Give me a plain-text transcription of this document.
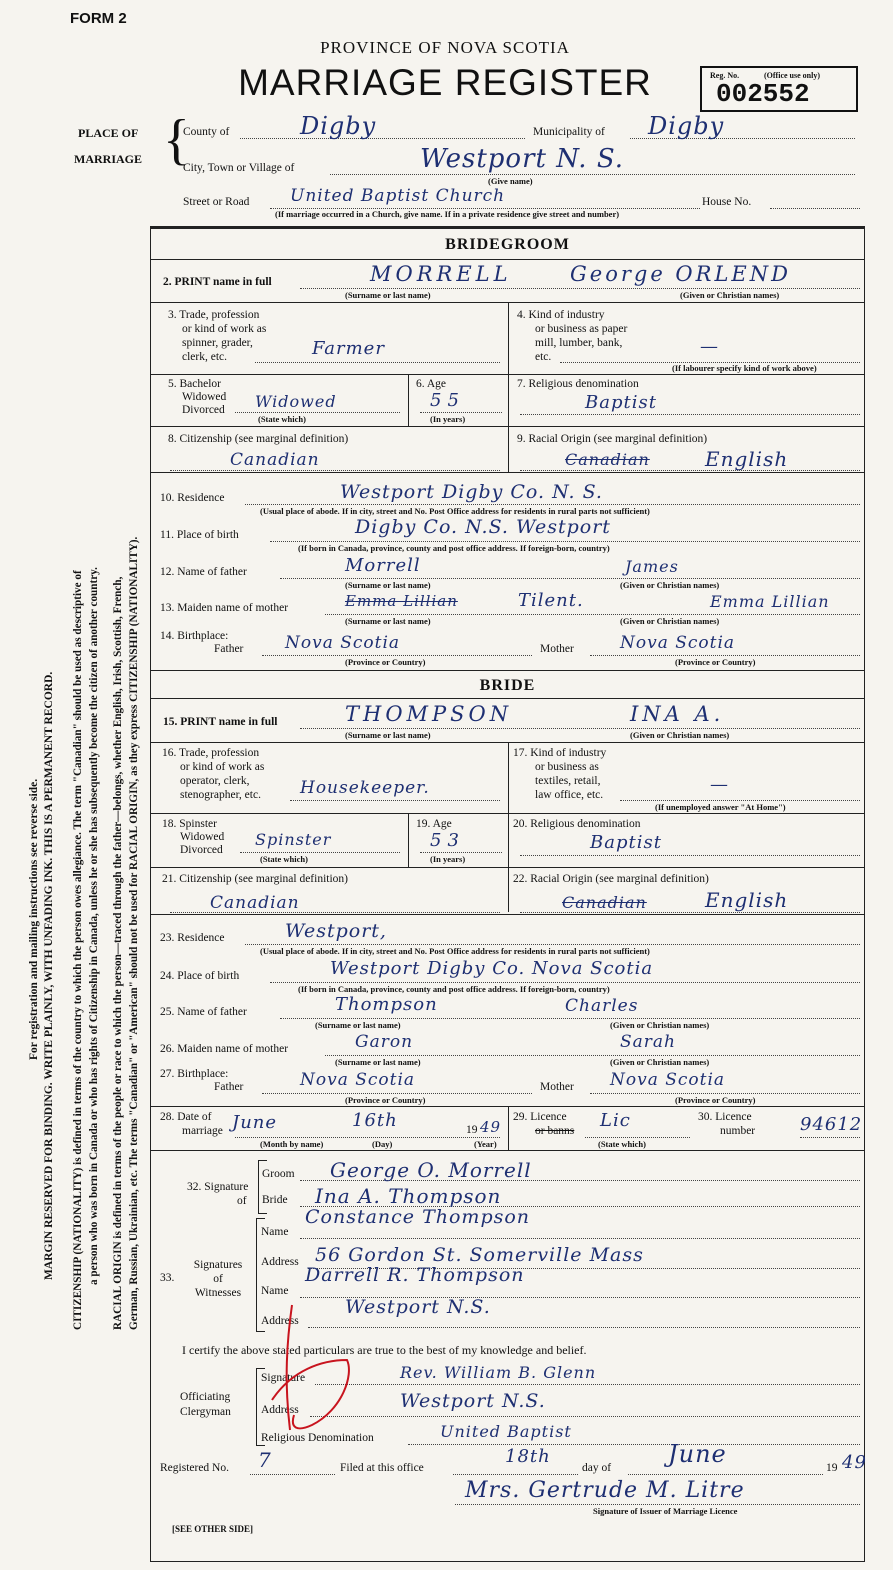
FORM 2
PROVINCE OF NOVA SCOTIA
MARRIAGE REGISTER	Reg. No.	(Office use only)
002552
For registration and mailing instructions see reverse side. MARGIN RESERVED FOR BINDING. WRITE PLAINLY, WITH UNFADING INK. THIS IS A PERMANENT RECORD. CITIZENSHIP (NATIONALITY) is defined in terms of the country to which the person owes allegiance. The term "Canadian" should be used as descriptive of a person who was born in Canada or who has rights of Citizenship in Canada, unless he or she has subsequently become the citizen of another country. RACIAL ORIGIN is defined in terms of the people or race to which the person—traced through the father—belongs, whether English, Irish, Scottish, French, German, Russian, Ukrainian, etc. The terms "Canadian" or "American" should not be used for RACIAL ORIGIN, as they express CITIZENSHIP (NATIONALITY).
PLACE OF
MARRIAGE {
County of	Digby	Municipality of Digby
City, Town or Village of	Westport N. S.
(Give name)
Street or Road United Baptist Church	House No.
(If marriage occurred in a Church, give name. If in a private residence give street and number)
BRIDEGROOM
2. PRINT name in full	MORRELL	George ORLEND
(Surname or last name)	(Given or Christian names)
3. Trade, profession
or kind of work as
spinner, grader,
clerk, etc.	Farmer
4. Kind of industry
or business as paper
mill, lumber, bank,
etc.	—
(If labourer specify kind of work above)
5. Bachelor
Widowed
Divorced Widowed
(State which)
6. Age
55
(In years)
7. Religious denomination
Baptist
8. Citizenship (see marginal definition)
Canadian
9. Racial Origin (see marginal definition)
Canadian	English
10. Residence	Westport Digby Co. N. S.
(Usual place of abode. If in city, street and No. Post Office address for residents in rural parts not sufficient)
11. Place of birth	Digby Co. N.S. Westport
(If born in Canada, province, county and post office address. If foreign-born, country)
12. Name of father	Morrell	James
(Surname or last name)	(Given or Christian names)
13. Maiden name of mother	Emma Lillian	Tilent.	Emma Lillian
(Surname or last name)	(Given or Christian names)
14. Birthplace:
Father Nova Scotia	Mother	Nova Scotia
(Province or Country)	(Province or Country)
BRIDE
15. PRINT name in full	THOMPSON	INA A.
(Surname or last name)	(Given or Christian names)
16. Trade, profession
or kind of work as
operator, clerk,
stenographer, etc. Housekeeper.
17. Kind of industry
or business as
textiles, retail,
law office, etc.	—
(If unemployed answer "At Home")
18. Spinster
Widowed
Divorced
Spinster
(State which)
19. Age
53
(In years)
20. Religious denomination
Baptist
21. Citizenship (see marginal definition)
Canadian
22. Racial Origin (see marginal definition)
Canadian	English
23. Residence	Westport,
(Usual place of abode. If in city, street and No. Post Office address for residents in rural parts not sufficient)
24. Place of birth	Westport Digby Co. Nova Scotia
(If born in Canada, province, county and post office address. If foreign-born, country)
25. Name of father	Thompson	Charles
(Surname or last name)	(Given or Christian names)
26. Maiden name of mother	Garon	Sarah
(Surname or last name)	(Given or Christian names)
27. Birthplace:
Father	Nova Scotia	Mother Nova Scotia
(Province or Country)	(Province or Country)
28. Date of
marriage June	16th	19 49
(Month by name)	(Day)	(Year)
29. Licence
or banns Lic
(State which)
30. Licence
number 94612
32. Signature
of
Groom George O. Morrell
Bride Ina A. Thompson
33.
Signatures
of
Witnesses
Name
Constance Thompson
Address 56 Gordon St. Somerville Mass
Name
Darrell R. Thompson
Address
Westport N.S.
I certify the above stated particulars are true to the best of my knowledge and belief.
Officiating
Clergyman
Signature	Rev. William B. Glenn
Address	Westport N.S.
Religious Denomination	United Baptist
Registered No. 7	Filed at this office
18th
day of June	19 49
Mrs. Gertrude M. Litre
Signature of Issuer of Marriage Licence
[SEE OTHER SIDE]
